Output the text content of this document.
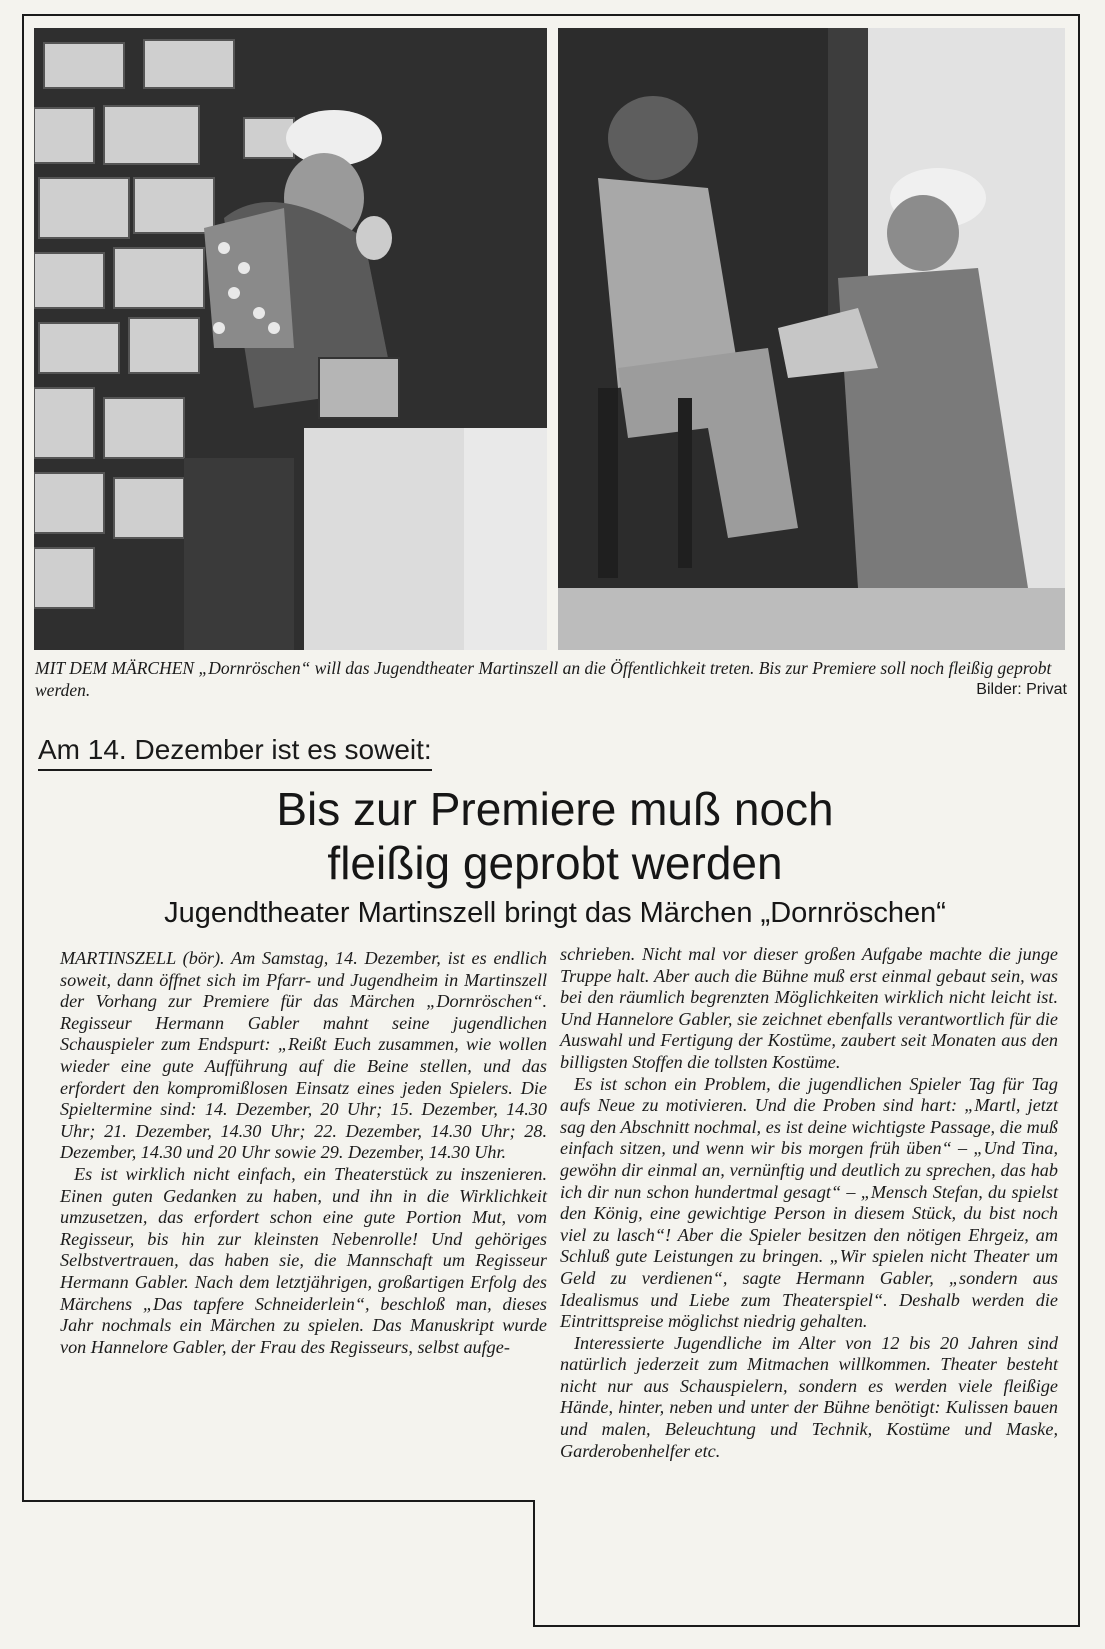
MIT DEM MÄRCHEN „Dornröschen“ will das Jugendtheater Martinszell an die Öffentlichkeit treten. Bis zur Premiere soll noch fleißig geprobt werden.	Bilder: Privat
Am 14. Dezember ist es soweit:
Bis zur Premiere muß noch
fleißig geprobt werden
Jugendtheater Martinszell bringt das Märchen „Dornröschen“

MARTINSZELL (bör). Am Samstag, 14. Dezember, ist es endlich soweit, dann öffnet sich im Pfarr- und Jugendheim in Martinszell der Vorhang zur Premiere für das Märchen „Dornröschen“. Regisseur Hermann Gabler mahnt seine jugendlichen Schauspieler zum Endspurt: „Reißt Euch zusammen, wie wollen wieder eine gute Aufführung auf die Beine stellen, und das erfordert den kompromißlosen Einsatz eines jeden Spielers. Die Spieltermine sind: 14. Dezember, 20 Uhr; 15. Dezember, 14.30 Uhr; 21. Dezember, 14.30 Uhr; 22. Dezember, 14.30 Uhr; 28. Dezember, 14.30 und 20 Uhr sowie 29. Dezember, 14.30 Uhr.

Es ist wirklich nicht einfach, ein Theaterstück zu inszenieren. Einen guten Gedanken zu haben, und ihn in die Wirklichkeit umzusetzen, das erfordert schon eine gute Portion Mut, vom Regisseur, bis hin zur kleinsten Nebenrolle! Und gehöriges Selbstvertrauen, das haben sie, die Mannschaft um Regisseur Hermann Gabler. Nach dem letztjährigen, großartigen Erfolg des Märchens „Das tapfere Schneiderlein“, beschloß man, dieses Jahr nochmals ein Märchen zu spielen. Das Manuskript wurde von Hannelore Gabler, der Frau des Regisseurs, selbst aufge-

schrieben. Nicht mal vor dieser großen Aufgabe machte die junge Truppe halt. Aber auch die Bühne muß erst einmal gebaut sein, was bei den räumlich begrenzten Möglichkeiten wirklich nicht leicht ist. Und Hannelore Gabler, sie zeichnet ebenfalls verantwortlich für die Auswahl und Fertigung der Kostüme, zaubert seit Monaten aus den billigsten Stoffen die tollsten Kostüme.

Es ist schon ein Problem, die jugendlichen Spieler Tag für Tag aufs Neue zu motivieren. Und die Proben sind hart: „Martl, jetzt sag den Abschnitt nochmal, es ist deine wichtigste Passage, die muß einfach sitzen, und wenn wir bis morgen früh üben“ – „Und Tina, gewöhn dir einmal an, vernünftig und deutlich zu sprechen, das hab ich dir nun schon hundertmal gesagt“ – „Mensch Stefan, du spielst den König, eine gewichtige Person in diesem Stück, du bist noch viel zu lasch“! Aber die Spieler besitzen den nötigen Ehrgeiz, am Schluß gute Leistungen zu bringen. „Wir spielen nicht Theater um Geld zu verdienen“, sagte Hermann Gabler, „sondern aus Idealismus und Liebe zum Theaterspiel“. Deshalb werden die Eintrittspreise möglichst niedrig gehalten.

Interessierte Jugendliche im Alter von 12 bis 20 Jahren sind natürlich jederzeit zum Mitmachen willkommen. Theater besteht nicht nur aus Schauspielern, sondern es werden viele fleißige Hände, hinter, neben und unter der Bühne benötigt: Kulissen bauen und malen, Beleuchtung und Technik, Kostüme und Maske, Garderobenhelfer etc.
